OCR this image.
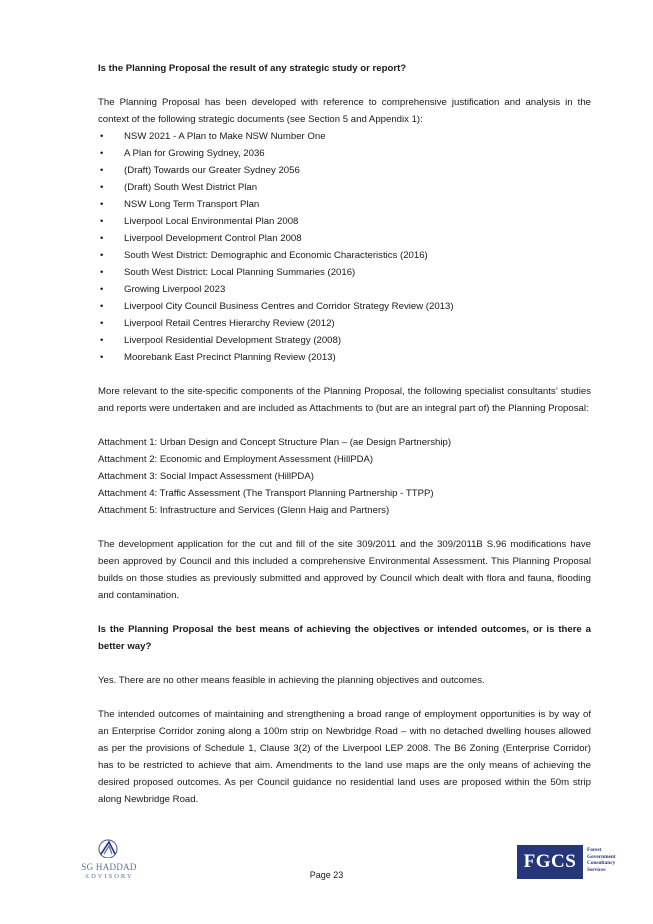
Is the Planning Proposal the result of any strategic study or report?

The Planning Proposal has been developed with reference to comprehensive justification and analysis in the context of the following strategic documents (see Section 5 and Appendix 1):

• NSW 2021 - A Plan to Make NSW Number One
• A Plan for Growing Sydney, 2036
• (Draft) Towards our Greater Sydney 2056
• (Draft) South West District Plan
• NSW Long Term Transport Plan
• Liverpool Local Environmental Plan 2008
• Liverpool Development Control Plan 2008
• South West District: Demographic and Economic Characteristics (2016)
• South West District: Local Planning Summaries (2016)
• Growing Liverpool 2023
• Liverpool City Council Business Centres and Corridor Strategy Review (2013)
• Liverpool Retail Centres Hierarchy Review (2012)
• Liverpool Residential Development Strategy (2008)
• Moorebank East Precinct Planning Review (2013)

More relevant to the site-specific components of the Planning Proposal, the following specialist consultants’ studies and reports were undertaken and are included as Attachments to (but are an integral part of) the Planning Proposal:

Attachment 1: Urban Design and Concept Structure Plan – (ae Design Partnership)
Attachment 2: Economic and Employment Assessment (HillPDA)
Attachment 3: Social Impact Assessment (HillPDA)
Attachment 4: Traffic Assessment (The Transport Planning Partnership - TTPP)
Attachment 5: Infrastructure and Services (Glenn Haig and Partners)

The development application for the cut and fill of the site 309/2011 and the 309/2011B S.96 modifications have been approved by Council and this included a comprehensive Environmental Assessment. This Planning Proposal builds on those studies as previously submitted and approved by Council which dealt with flora and fauna, flooding and contamination.

Is the Planning Proposal the best means of achieving the objectives or intended outcomes, or is there a better way?

Yes. There are no other means feasible in achieving the planning objectives and outcomes.

The intended outcomes of maintaining and strengthening a broad range of employment opportunities is by way of an Enterprise Corridor zoning along a 100m strip on Newbridge Road – with no detached dwelling houses allowed as per the provisions of Schedule 1, Clause 3(2) of the Liverpool LEP 2008. The B6 Zoning (Enterprise Corridor) has to be restricted to achieve that aim. Amendments to the land use maps are the only means of achieving the desired proposed outcomes. As per Council guidance no residential land uses are proposed within the 50m strip along Newbridge Road.

SG HADDAD
ADVISORY	Page 23
FGCS
Forest
Government
Consultancy
Services
